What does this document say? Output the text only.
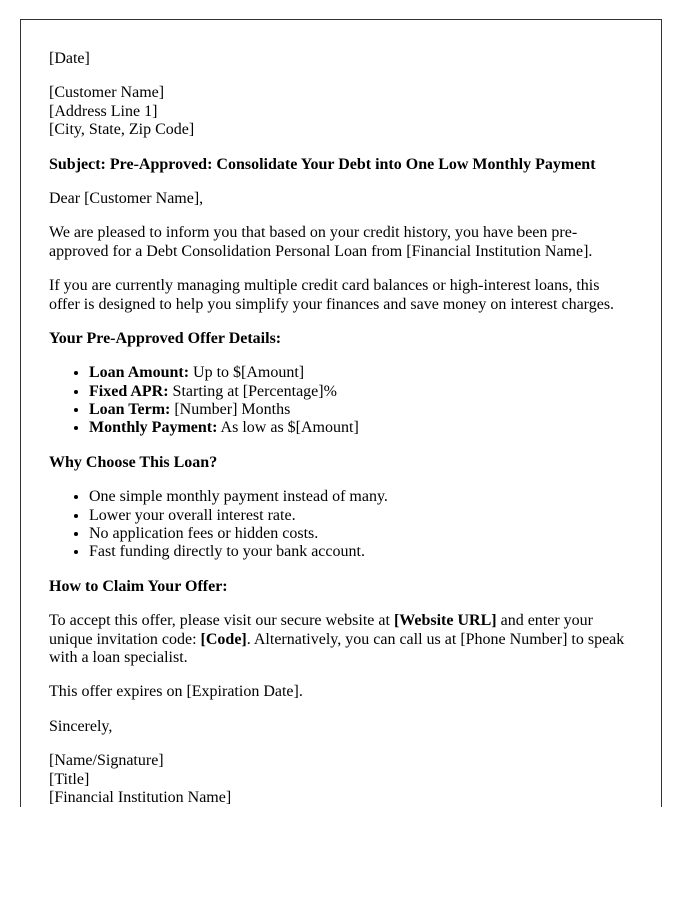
[Date]

[Customer Name]
[Address Line 1]
[City, State, Zip Code]

Subject: Pre-Approved: Consolidate Your Debt into One Low Monthly Payment

Dear [Customer Name],

We are pleased to inform you that based on your credit history, you have been pre-approved for a Debt Consolidation Personal Loan from [Financial Institution Name].

If you are currently managing multiple credit card balances or high-interest loans, this offer is designed to help you simplify your finances and save money on interest charges.

Your Pre-Approved Offer Details:

• Loan Amount: Up to $[Amount]
• Fixed APR: Starting at [Percentage]%
• Loan Term: [Number] Months
• Monthly Payment: As low as $[Amount]

Why Choose This Loan?

• One simple monthly payment instead of many.
• Lower your overall interest rate.
• No application fees or hidden costs.
• Fast funding directly to your bank account.

How to Claim Your Offer:

To accept this offer, please visit our secure website at [Website URL] and enter your unique invitation code: [Code]. Alternatively, you can call us at [Phone Number] to speak with a loan specialist.

This offer expires on [Expiration Date].

Sincerely,

[Name/Signature]
[Title]
[Financial Institution Name]
